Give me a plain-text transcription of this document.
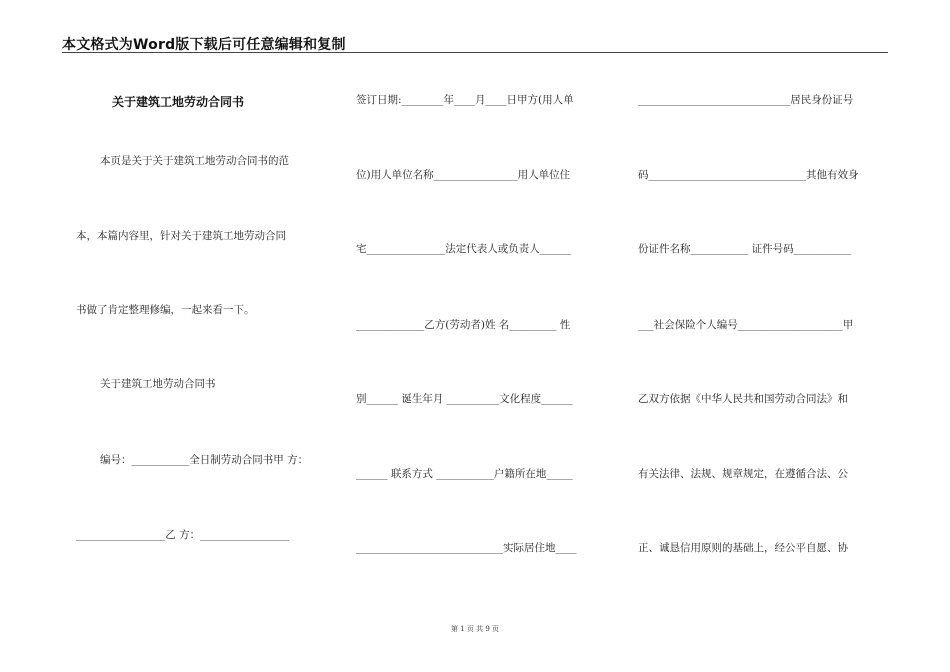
本文格式为Word版下载后可任意编辑和复制
关于建筑工地劳动合同书
本页是关于关于建筑工地劳动合同书的范
本，本篇内容里，针对关于建筑工地劳动合同
书做了肯定整理修编，一起来看一下。
关于建筑工地劳动合同书
编号：___________全日制劳动合同书甲 方：
_________________乙 方：_________________
签订日期:________年____月____日甲方(用人单
位)用人单位名称________________用人单位住
宅_______________法定代表人或负责人______
_____________乙方(劳动者)姓 名_________ 性
别______ 诞生年月 __________文化程度______
______ 联系方式 ___________户籍所在地_____
____________________________实际居住地____
_____________________________居民身份证号
码______________________________其他有效身
份证件名称___________ 证件号码___________
___社会保险个人编号____________________甲
乙双方依据《中华人民共和国劳动合同法》和
有关法律、法规、规章规定，在遵循合法、公
正、诚恳信用原则的基础上，经公平自愿、协
第 1 页 共 9 页
